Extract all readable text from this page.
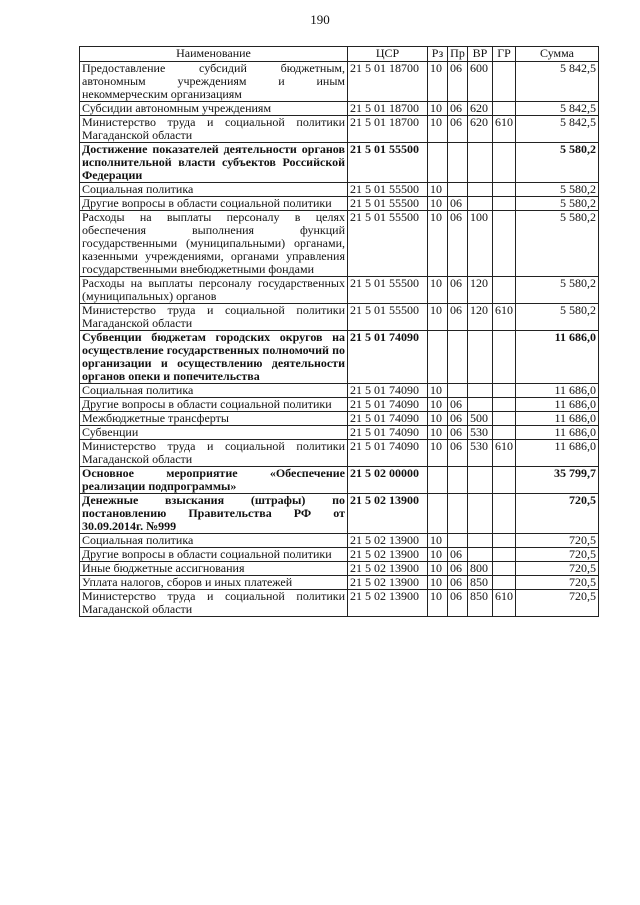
190
Наименование	ЦСР	Рз	Пр	ВР	ГР	Сумма
Предоставление субсидий бюджетным, автономным учреждениям и иным некоммерческим организациям	21 5 01 18700	10	06	600		5 842,5
Субсидии автономным учреждениям	21 5 01 18700	10	06	620		5 842,5
Министерство труда и социальной политики Магаданской области	21 5 01 18700	10	06	620	610	5 842,5
Достижение показателей деятельности органов исполнительной власти субъектов Российской Федерации	21 5 01 55500					5 580,2
Социальная политика	21 5 01 55500	10				5 580,2
Другие вопросы в области социальной политики	21 5 01 55500	10	06			5 580,2
Расходы на выплаты персоналу в целях обеспечения выполнения функций государственными (муниципальными) органами, казенными учреждениями, органами управления государственными внебюджетными фондами	21 5 01 55500	10	06	100		5 580,2
Расходы на выплаты персоналу государственных (муниципальных) органов	21 5 01 55500	10	06	120		5 580,2
Министерство труда и социальной политики Магаданской области	21 5 01 55500	10	06	120	610	5 580,2
Субвенции бюджетам городских округов на осуществление государственных полномочий по организации и осуществлению деятельности органов опеки и попечительства	21 5 01 74090					11 686,0
Социальная политика	21 5 01 74090	10				11 686,0
Другие вопросы в области социальной политики	21 5 01 74090	10	06			11 686,0
Межбюджетные трансферты	21 5 01 74090	10	06	500		11 686,0
Субвенции	21 5 01 74090	10	06	530		11 686,0
Министерство труда и социальной политики Магаданской области	21 5 01 74090	10	06	530	610	11 686,0
Основное мероприятие «Обеспечение реализации подпрограммы»	21 5 02 00000					35 799,7
Денежные взыскания (штрафы) по постановлению Правительства РФ от 30.09.2014г. №999	21 5 02 13900					720,5
Социальная политика	21 5 02 13900	10				720,5
Другие вопросы в области социальной политики	21 5 02 13900	10	06			720,5
Иные бюджетные ассигнования	21 5 02 13900	10	06	800		720,5
Уплата налогов, сборов и иных платежей	21 5 02 13900	10	06	850		720,5
Министерство труда и социальной политики Магаданской области	21 5 02 13900	10	06	850	610	720,5
